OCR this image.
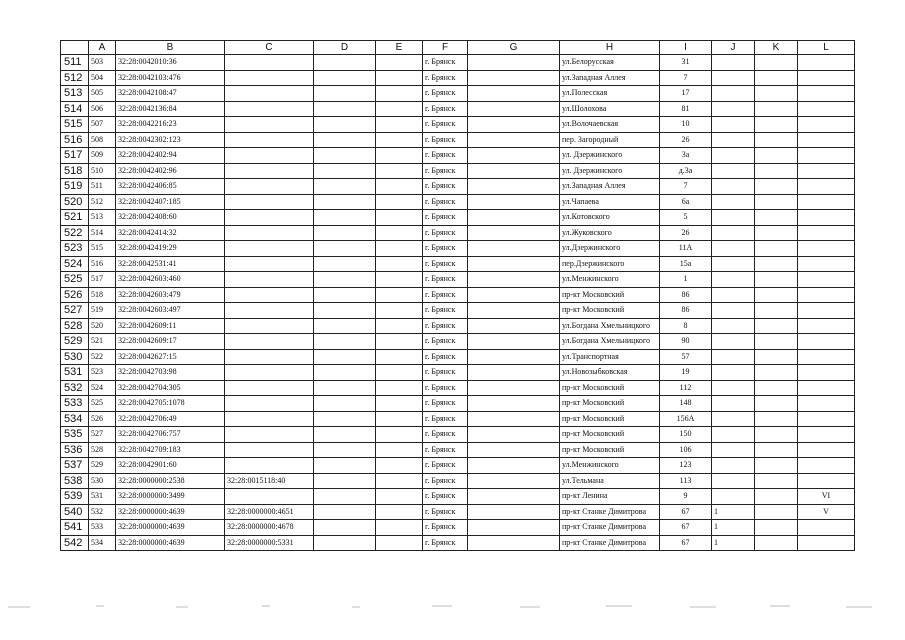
	A	B	C	D	E	F	G	H	I	J	K	L
511	503	32:28:0042010:36				г. Брянск		ул.Белорусская	31			
512	504	32:28:0042103:476				г. Брянск		ул.Западная Аллея	7			
513	505	32:28:0042108:47				г. Брянск		ул.Полесская	17			
514	506	32:28:0042136:84				г. Брянск		ул.Шолохова	81			
515	507	32:28:0042216:23				г. Брянск		ул.Волочаевская	10			
516	508	32:28:0042302:123				г. Брянск		пер. Загородный	26			
517	509	32:28:0042402:94				г. Брянск		ул. Дзержинского	3а			
518	510	32:28:0042402:96				г. Брянск		ул. Дзержинского	д.3а			
519	511	32:28:0042406:85				г. Брянск		ул.Западная Аллея	7			
520	512	32:28:0042407:185				г. Брянск		ул.Чапаева	6а			
521	513	32:28:0042408:60				г. Брянск		ул.Котовского	5			
522	514	32:28:0042414:32				г. Брянск		ул.Жуковского	26			
523	515	32:28:0042419:29				г. Брянск		ул.Дзержинского	11А			
524	516	32:28:0042531:41				г. Брянск		пер.Дзержинского	15а			
525	517	32:28:0042603:460				г. Брянск		ул.Менжинского	1			
526	518	32:28:0042603:479				г. Брянск		пр-кт Московский	86			
527	519	32:28:0042603:497				г. Брянск		пр-кт Московский	86			
528	520	32:28:0042609:11				г. Брянск		ул.Богдана Хмельницкого	8			
529	521	32:28:0042609:17				г. Брянск		ул.Богдана Хмельницкого	90			
530	522	32:28:0042627:15				г. Брянск		ул.Транспортная	57			
531	523	32:28:0042703:98				г. Брянск		ул.Новозыбковская	19			
532	524	32:28:0042704:305				г. Брянск		пр-кт Московский	112			
533	525	32:28:0042705:1078				г. Брянск		пр-кт Московский	148			
534	526	32:28:0042706:49				г. Брянск		пр-кт Московский	156А			
535	527	32:28:0042706:757				г. Брянск		пр-кт Московский	150			
536	528	32:28:0042709:183				г. Брянск		пр-кт Московский	106			
537	529	32:28:0042901:60				г. Брянск		ул.Менжинского	123			
538	530	32:28:0000000:2538	32:28:0015118:40			г. Брянск		ул.Тельмана	113			
539	531	32:28:0000000:3499				г. Брянск		пр-кт Ленина	9			VI
540	532	32:28:0000000:4639	32:28:0000000:4651			г. Брянск		пр-кт Станке Димитрова	67	1		V
541	533	32:28:0000000:4639	32:28:0000000:4678			г. Брянск		пр-кт Станке Димитрова	67	1		
542	534	32:28:0000000:4639	32:28:0000000:5331			г. Брянск		пр-кт Станке Димитрова	67	1		
